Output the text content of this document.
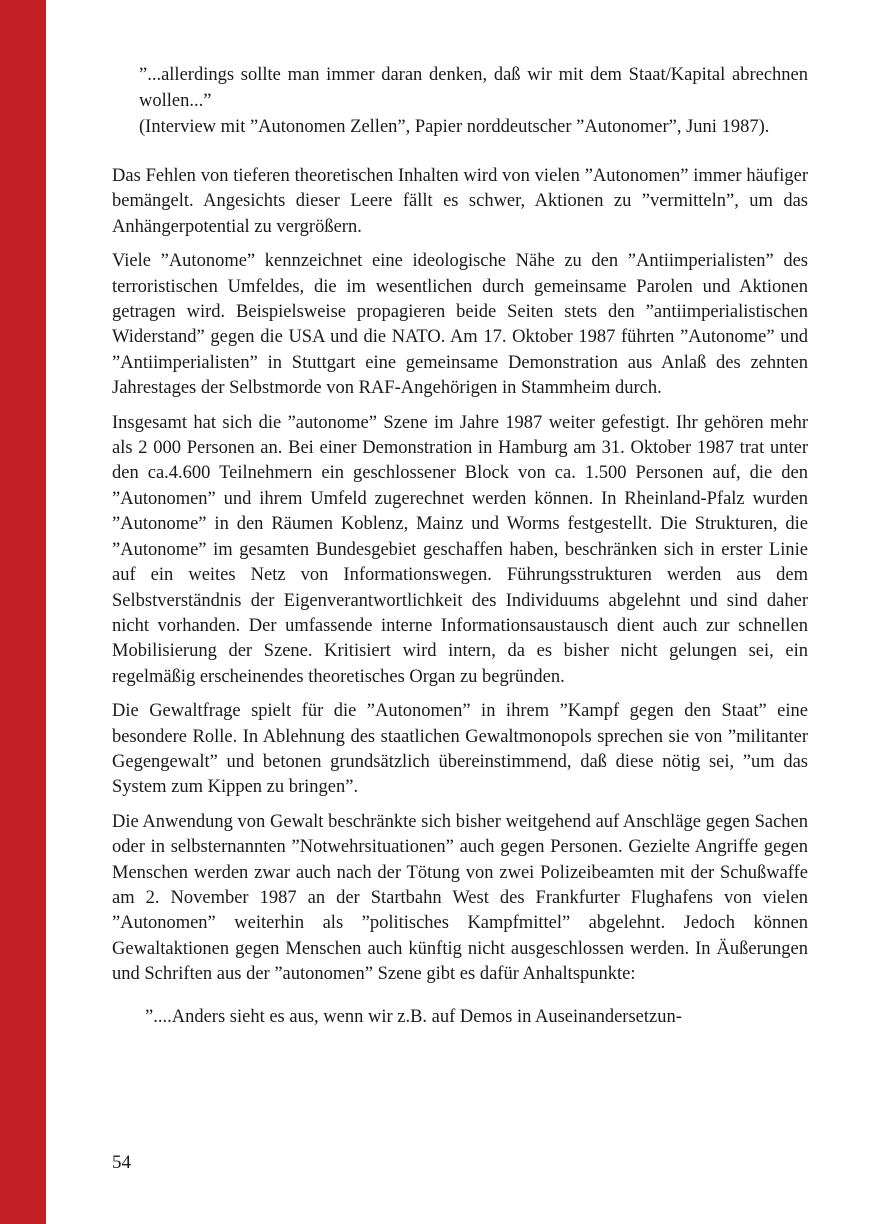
”...allerdings sollte man immer daran denken, daß wir mit dem Staat/Kapital abrechnen wollen...”

(Interview mit ”Autonomen Zellen”, Papier norddeutscher ”Autonomer”, Juni 1987).

Das Fehlen von tieferen theoretischen Inhalten wird von vielen ”Autonomen” immer häufiger bemängelt. Angesichts dieser Leere fällt es schwer, Aktionen zu ”vermitteln”, um das Anhängerpotential zu vergrößern.

Viele ”Autonome” kennzeichnet eine ideologische Nähe zu den ”Antiimperialisten” des terroristischen Umfeldes, die im wesentlichen durch gemeinsame Parolen und Aktionen getragen wird. Beispielsweise propagieren beide Seiten stets den ”antiimperialistischen Widerstand” gegen die USA und die NATO. Am 17. Oktober 1987 führten ”Autonome” und ”Antiimperialisten” in Stuttgart eine gemeinsame Demonstration aus Anlaß des zehnten Jahrestages der Selbstmorde von RAF-Angehörigen in Stammheim durch.

Insgesamt hat sich die ”autonome” Szene im Jahre 1987 weiter gefestigt. Ihr gehören mehr als 2 000 Personen an. Bei einer Demonstration in Hamburg am 31. Oktober 1987 trat unter den ca.4.600 Teilnehmern ein geschlossener Block von ca. 1.500 Personen auf, die den ”Autonomen” und ihrem Umfeld zugerechnet werden können. In Rheinland-Pfalz wurden ”Autonome” in den Räumen Koblenz, Mainz und Worms festgestellt. Die Strukturen, die ”Autonome” im gesamten Bundesgebiet geschaffen haben, beschränken sich in erster Linie auf ein weites Netz von Informationswegen. Führungsstrukturen werden aus dem Selbstverständnis der Eigenverantwortlichkeit des Individuums abgelehnt und sind daher nicht vorhanden. Der umfassende interne Informationsaustausch dient auch zur schnellen Mobilisierung der Szene. Kritisiert wird intern, da es bisher nicht gelungen sei, ein regelmäßig erscheinendes theoretisches Organ zu begründen.

Die Gewaltfrage spielt für die ”Autonomen” in ihrem ”Kampf gegen den Staat” eine besondere Rolle. In Ablehnung des staatlichen Gewaltmonopols sprechen sie von ”militanter Gegengewalt” und betonen grundsätzlich übereinstimmend, daß diese nötig sei, ”um das System zum Kippen zu bringen”.

Die Anwendung von Gewalt beschränkte sich bisher weitgehend auf Anschläge gegen Sachen oder in selbsternannten ”Notwehrsituationen” auch gegen Personen. Gezielte Angriffe gegen Menschen werden zwar auch nach der Tötung von zwei Polizeibeamten mit der Schußwaffe am 2. November 1987 an der Startbahn West des Frankfurter Flughafens von vielen ”Autonomen” weiterhin als ”politisches Kampfmittel” abgelehnt. Jedoch können Gewaltaktionen gegen Menschen auch künftig nicht ausgeschlossen werden. In Äußerungen und Schriften aus der ”autonomen” Szene gibt es dafür Anhaltspunkte:

”....Anders sieht es aus, wenn wir z.B. auf Demos in Auseinandersetzun-
54
